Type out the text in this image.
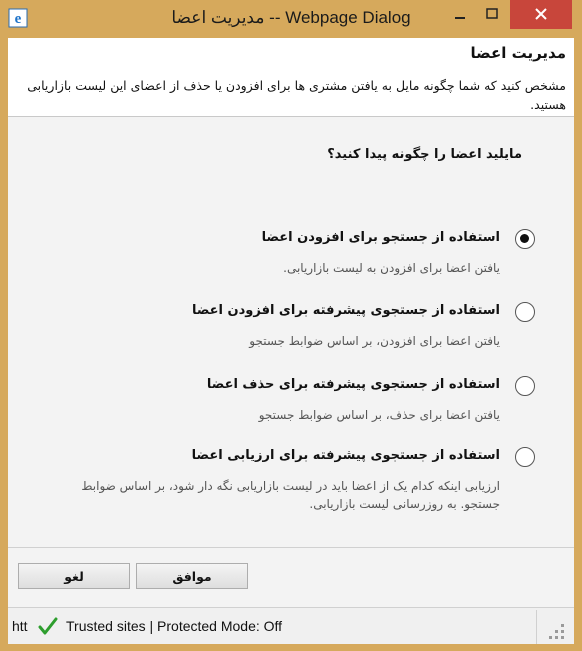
e	مدیریت اعضا -- Webpage Dialog
مدیریت اعضا
مشخص کنید که شما چگونه مایل به یافتن مشتری ها برای افزودن یا حذف از اعضای این لیست بازاریابی هستید.
مایلید اعضا را چگونه پیدا کنید؟
استفاده از جستجو برای افزودن اعضا
یافتن اعضا برای افزودن به لیست بازاریابی.
استفاده از جستجوی پیشرفته برای افزودن اعضا
یافتن اعضا برای افزودن، بر اساس ضوابط جستجو
استفاده از جستجوی پیشرفته برای حذف اعضا
یافتن اعضا برای حذف، بر اساس ضوابط جستجو
استفاده از جستجوی پیشرفته برای ارزیابی اعضا
ارزیابی اینکه کدام یک از اعضا باید در لیست بازاریابی نگه دار شود، بر اساس ضوابط جستجو. به روزرسانی لیست بازاریابی.
موافق
لغو
htt	Trusted sites | Protected Mode: Off
